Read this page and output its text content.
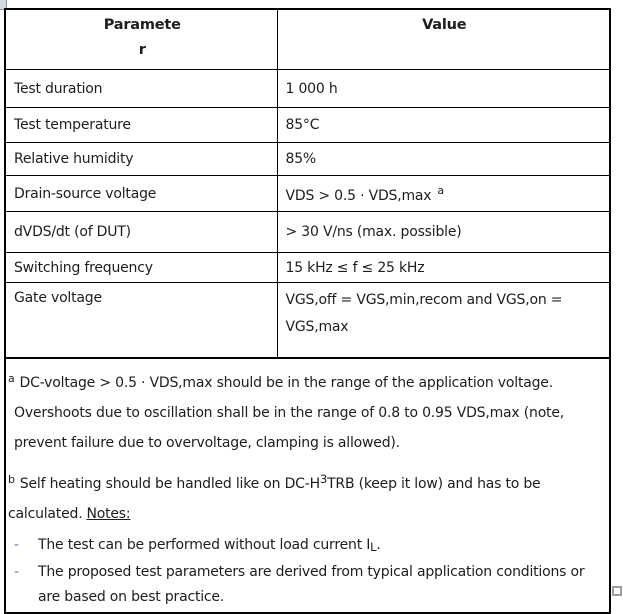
Paramete
r	Value

Test duration	1 000 h
Test temperature	85°C
Relative humidity	85%
Drain-source voltage	VDS > 0.5 · VDS,max $^a$
dVDS/dt (of DUT)	> 30 V/ns (max. possible)
Switching frequency	15 kHz ≤ f ≤ 25 kHz
Gate voltage	VGS,off = VGS,min,recom and VGS,on = VGS,max

$^a$ DC-voltage > 0.5 · VDS,max should be in the range of the application voltage. Overshoots due to oscillation shall be in the range of 0.8 to 0.95 VDS,max (note, prevent failure due to overvoltage, clamping is allowed).

$^b$ Self heating should be handled like on $DC-H^3TRB$ (keep it low) and has to be calculated. Notes:

-	The test can be performed without load current IL.
-	The proposed test parameters are derived from typical application conditions or are based on best practice.
